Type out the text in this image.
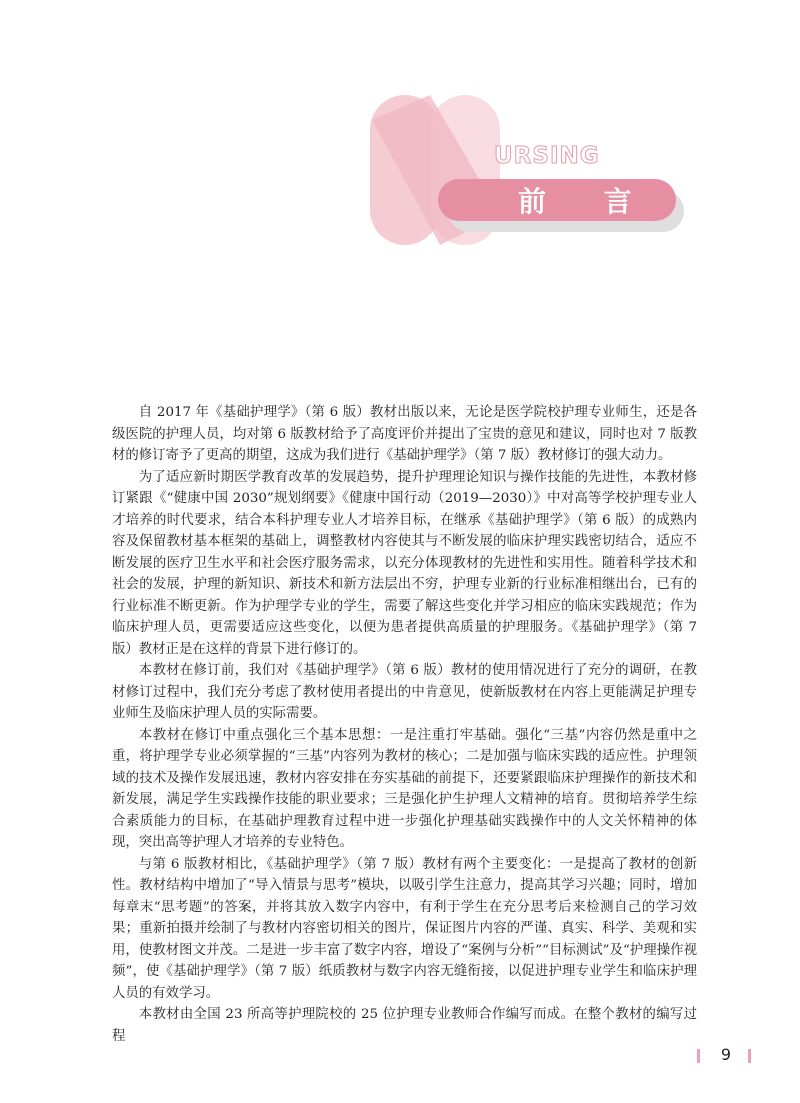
URSING
前 言

自 2017 年《基础护理学》（第 6 版）教材出版以来，无论是医学院校护理专业师生，还是各级医院的护理人员，均对第 6 版教材给予了高度评价并提出了宝贵的意见和建议，同时也对 7 版教材的修订寄予了更高的期望，这成为我们进行《基础护理学》（第 7 版）教材修订的强大动力。

为了适应新时期医学教育改革的发展趋势，提升护理理论知识与操作技能的先进性，本教材修订紧跟《“健康中国 2030”规划纲要》《健康中国行动（2019—2030）》中对高等学校护理专业人才培养的时代要求，结合本科护理专业人才培养目标，在继承《基础护理学》（第 6 版）的成熟内容及保留教材基本框架的基础上，调整教材内容使其与不断发展的临床护理实践密切结合，适应不断发展的医疗卫生水平和社会医疗服务需求，以充分体现教材的先进性和实用性。随着科学技术和社会的发展，护理的新知识、新技术和新方法层出不穷，护理专业新的行业标准相继出台，已有的行业标准不断更新。作为护理学专业的学生，需要了解这些变化并学习相应的临床实践规范；作为临床护理人员，更需要适应这些变化，以便为患者提供高质量的护理服务。《基础护理学》（第 7 版）教材正是在这样的背景下进行修订的。

本教材在修订前，我们对《基础护理学》（第 6 版）教材的使用情况进行了充分的调研，在教材修订过程中，我们充分考虑了教材使用者提出的中肯意见，使新版教材在内容上更能满足护理专业师生及临床护理人员的实际需要。

本教材在修订中重点强化三个基本思想：一是注重打牢基础。强化“三基”内容仍然是重中之重，将护理学专业必须掌握的“三基”内容列为教材的核心；二是加强与临床实践的适应性。护理领域的技术及操作发展迅速，教材内容安排在夯实基础的前提下，还要紧跟临床护理操作的新技术和新发展，满足学生实践操作技能的职业要求；三是强化护生护理人文精神的培育。贯彻培养学生综合素质能力的目标，在基础护理教育过程中进一步强化护理基础实践操作中的人文关怀精神的体现，突出高等护理人才培养的专业特色。

与第 6 版教材相比，《基础护理学》（第 7 版）教材有两个主要变化：一是提高了教材的创新性。教材结构中增加了“导入情景与思考”模块，以吸引学生注意力，提高其学习兴趣；同时，增加每章末“思考题”的答案，并将其放入数字内容中，有利于学生在充分思考后来检测自己的学习效果；重新拍摄并绘制了与教材内容密切相关的图片，保证图片内容的严谨、真实、科学、美观和实用，使教材图文并茂。二是进一步丰富了数字内容，增设了“案例与分析”“目标测试”及“护理操作视频”，使《基础护理学》（第 7 版）纸质教材与数字内容无缝衔接，以促进护理专业学生和临床护理人员的有效学习。

本教材由全国 23 所高等护理院校的 25 位护理专业教师合作编写而成。在整个教材的编写过程

9
